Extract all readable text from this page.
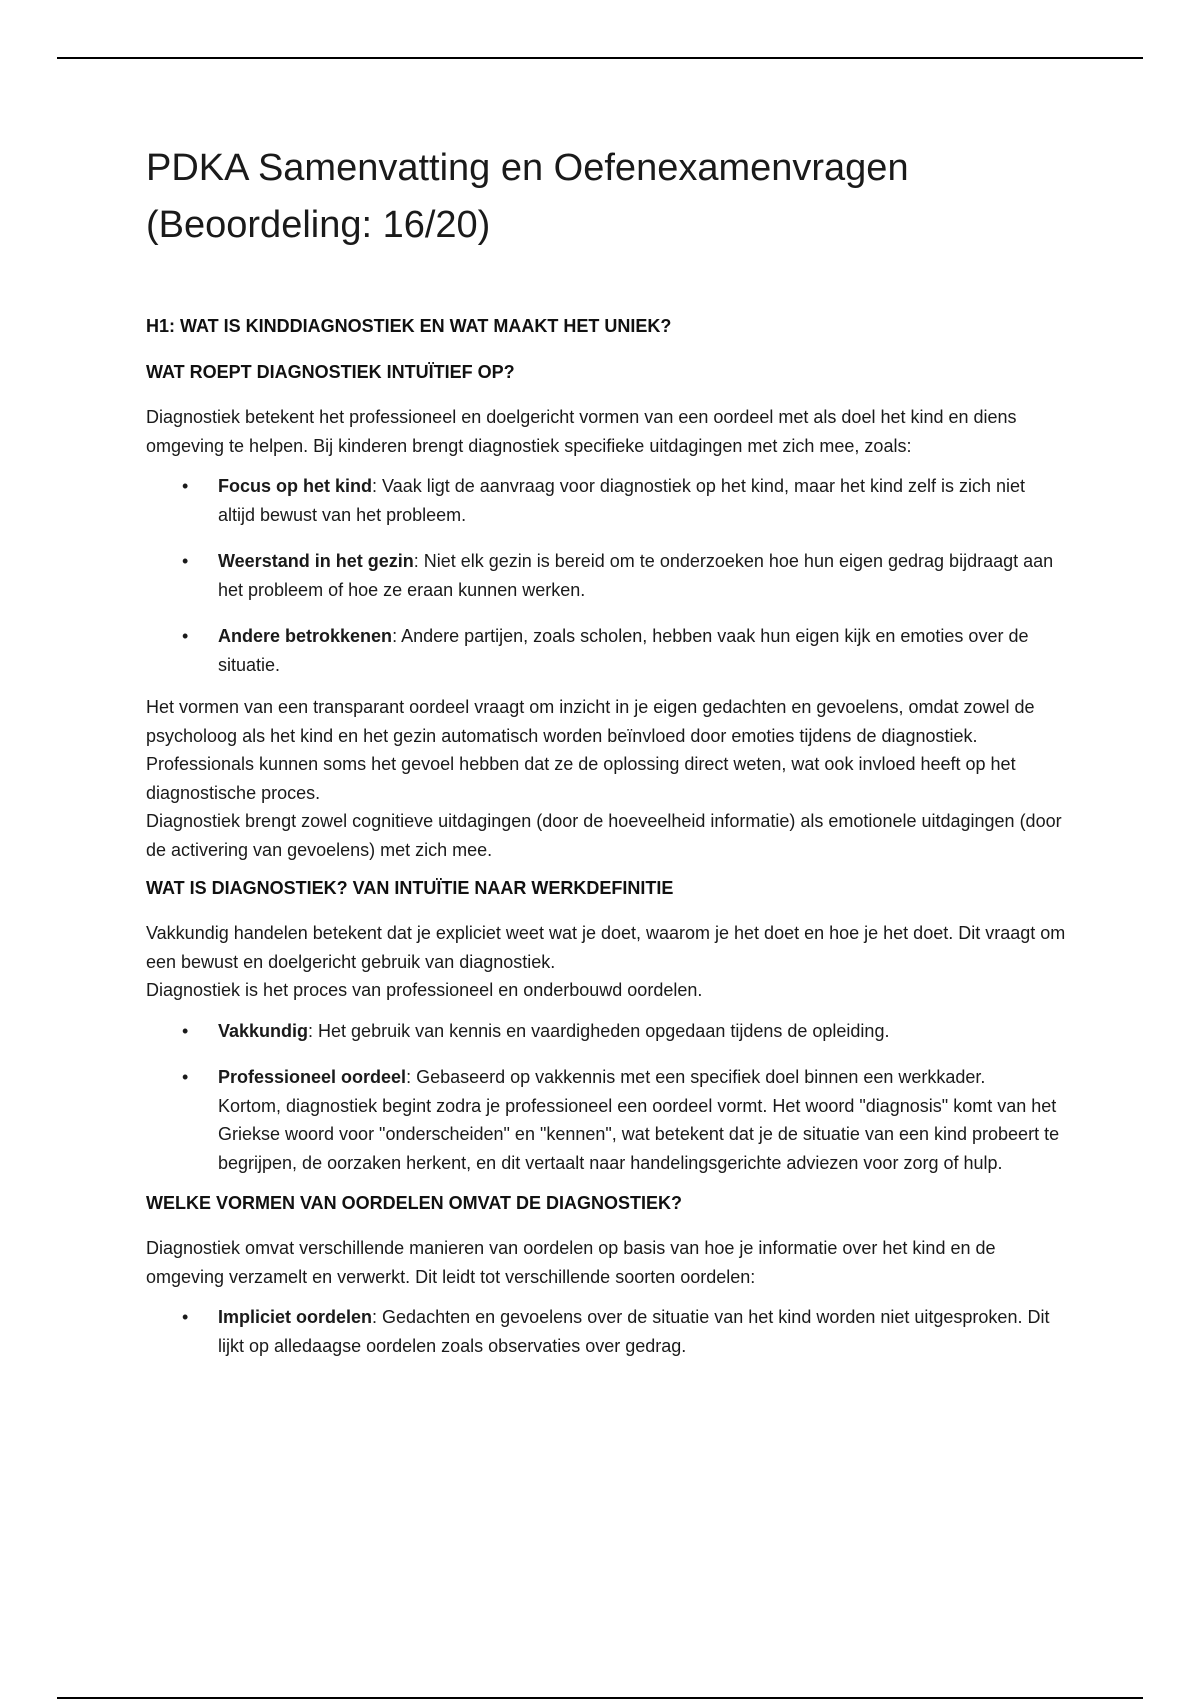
PDKA Samenvatting en Oefenexamenvragen
(Beoordeling: 16/20)
H1: WAT IS KINDDIAGNOSTIEK EN WAT MAAKT HET UNIEK?
WAT ROEPT DIAGNOSTIEK INTUÏTIEF OP?

Diagnostiek betekent het professioneel en doelgericht vormen van een oordeel met als doel het kind en diens omgeving te helpen. Bij kinderen brengt diagnostiek specifieke uitdagingen met zich mee, zoals:

• Focus op het kind: Vaak ligt de aanvraag voor diagnostiek op het kind, maar het kind zelf is zich niet altijd bewust van het probleem.
• Weerstand in het gezin: Niet elk gezin is bereid om te onderzoeken hoe hun eigen gedrag bijdraagt aan het probleem of hoe ze eraan kunnen werken.
• Andere betrokkenen: Andere partijen, zoals scholen, hebben vaak hun eigen kijk en emoties over de situatie.

Het vormen van een transparant oordeel vraagt om inzicht in je eigen gedachten en gevoelens, omdat zowel de psycholoog als het kind en het gezin automatisch worden beïnvloed door emoties tijdens de diagnostiek. Professionals kunnen soms het gevoel hebben dat ze de oplossing direct weten, wat ook invloed heeft op het diagnostische proces.

Diagnostiek brengt zowel cognitieve uitdagingen (door de hoeveelheid informatie) als emotionele uitdagingen (door de activering van gevoelens) met zich mee.

WAT IS DIAGNOSTIEK? VAN INTUÏTIE NAAR WERKDEFINITIE

Vakkundig handelen betekent dat je expliciet weet wat je doet, waarom je het doet en hoe je het doet. Dit vraagt om een bewust en doelgericht gebruik van diagnostiek.

Diagnostiek is het proces van professioneel en onderbouwd oordelen.

• Vakkundig: Het gebruik van kennis en vaardigheden opgedaan tijdens de opleiding.
• Professioneel oordeel: Gebaseerd op vakkennis met een specifiek doel binnen een werkkader.
Kortom, diagnostiek begint zodra je professioneel een oordeel vormt. Het woord "diagnosis" komt van het Griekse woord voor "onderscheiden" en "kennen", wat betekent dat je de situatie van een kind probeert te begrijpen, de oorzaken herkent, en dit vertaalt naar handelingsgerichte adviezen voor zorg of hulp.
WELKE VORMEN VAN OORDELEN OMVAT DE DIAGNOSTIEK?

Diagnostiek omvat verschillende manieren van oordelen op basis van hoe je informatie over het kind en de omgeving verzamelt en verwerkt. Dit leidt tot verschillende soorten oordelen:

• Impliciet oordelen: Gedachten en gevoelens over de situatie van het kind worden niet uitgesproken. Dit lijkt op alledaagse oordelen zoals observaties over gedrag.
